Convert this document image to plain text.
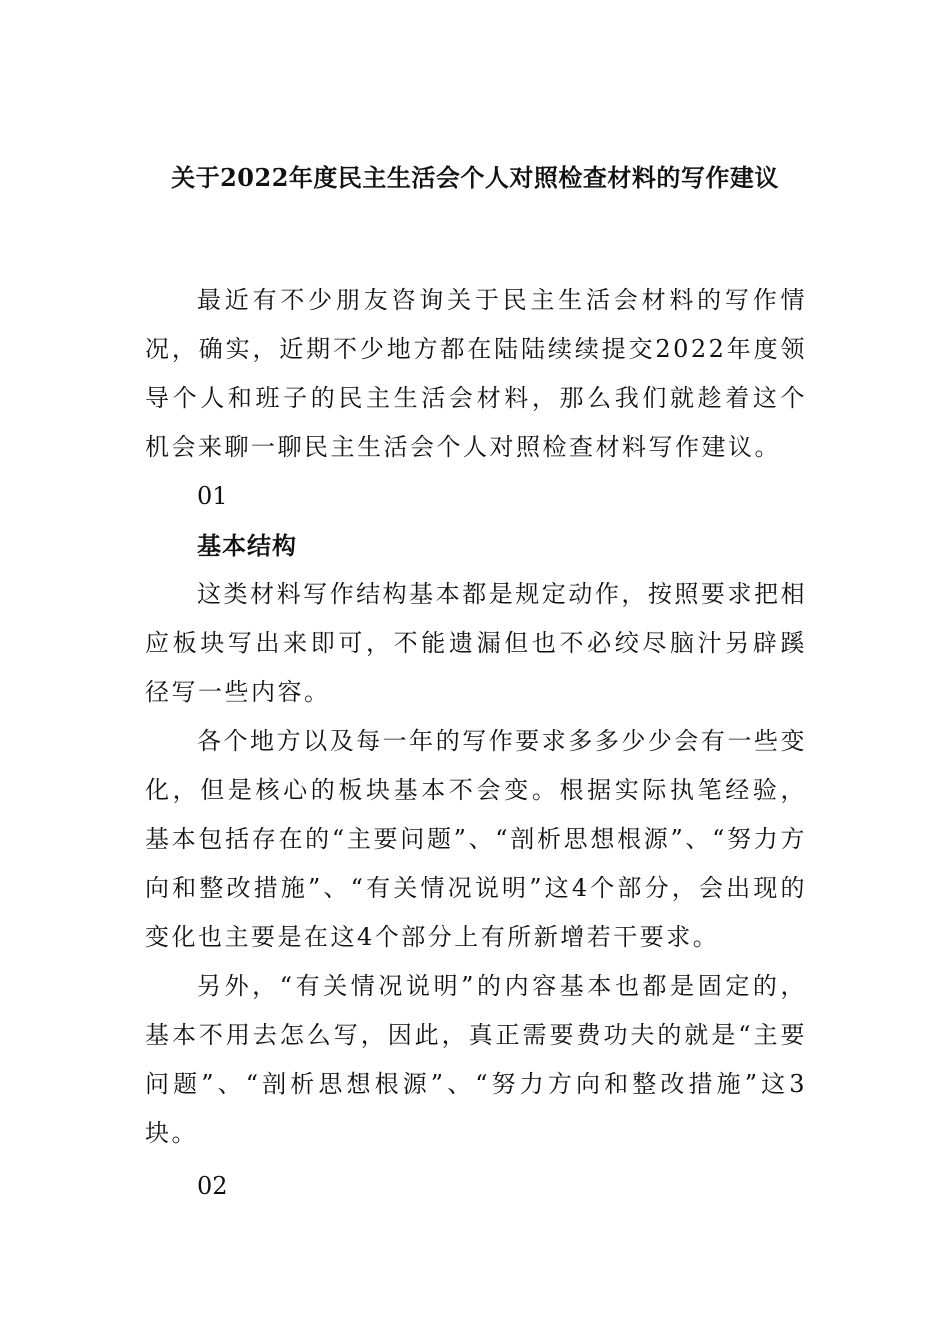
关于2022年度民主生活会个人对照检查材料的写作建议

最近有不少朋友咨询关于民主生活会材料的写作情况，确实，近期不少地方都在陆陆续续提交2022年度领导个人和班子的民主生活会材料，那么我们就趁着这个机会来聊一聊民主生活会个人对照检查材料写作建议。

01

基本结构

这类材料写作结构基本都是规定动作，按照要求把相应板块写出来即可，不能遗漏但也不必绞尽脑汁另辟蹊径写一些内容。

各个地方以及每一年的写作要求多多少少会有一些变化，但是核心的板块基本不会变。根据实际执笔经验，基本包括存在的“主要问题”、“剖析思想根源”、“努力方向和整改措施”、“有关情况说明”这4个部分，会出现的变化也主要是在这4个部分上有所新增若干要求。

另外，“有关情况说明”的内容基本也都是固定的，基本不用去怎么写，因此，真正需要费功夫的就是“主要问题”、“剖析思想根源”、“努力方向和整改措施”这3块。

02
